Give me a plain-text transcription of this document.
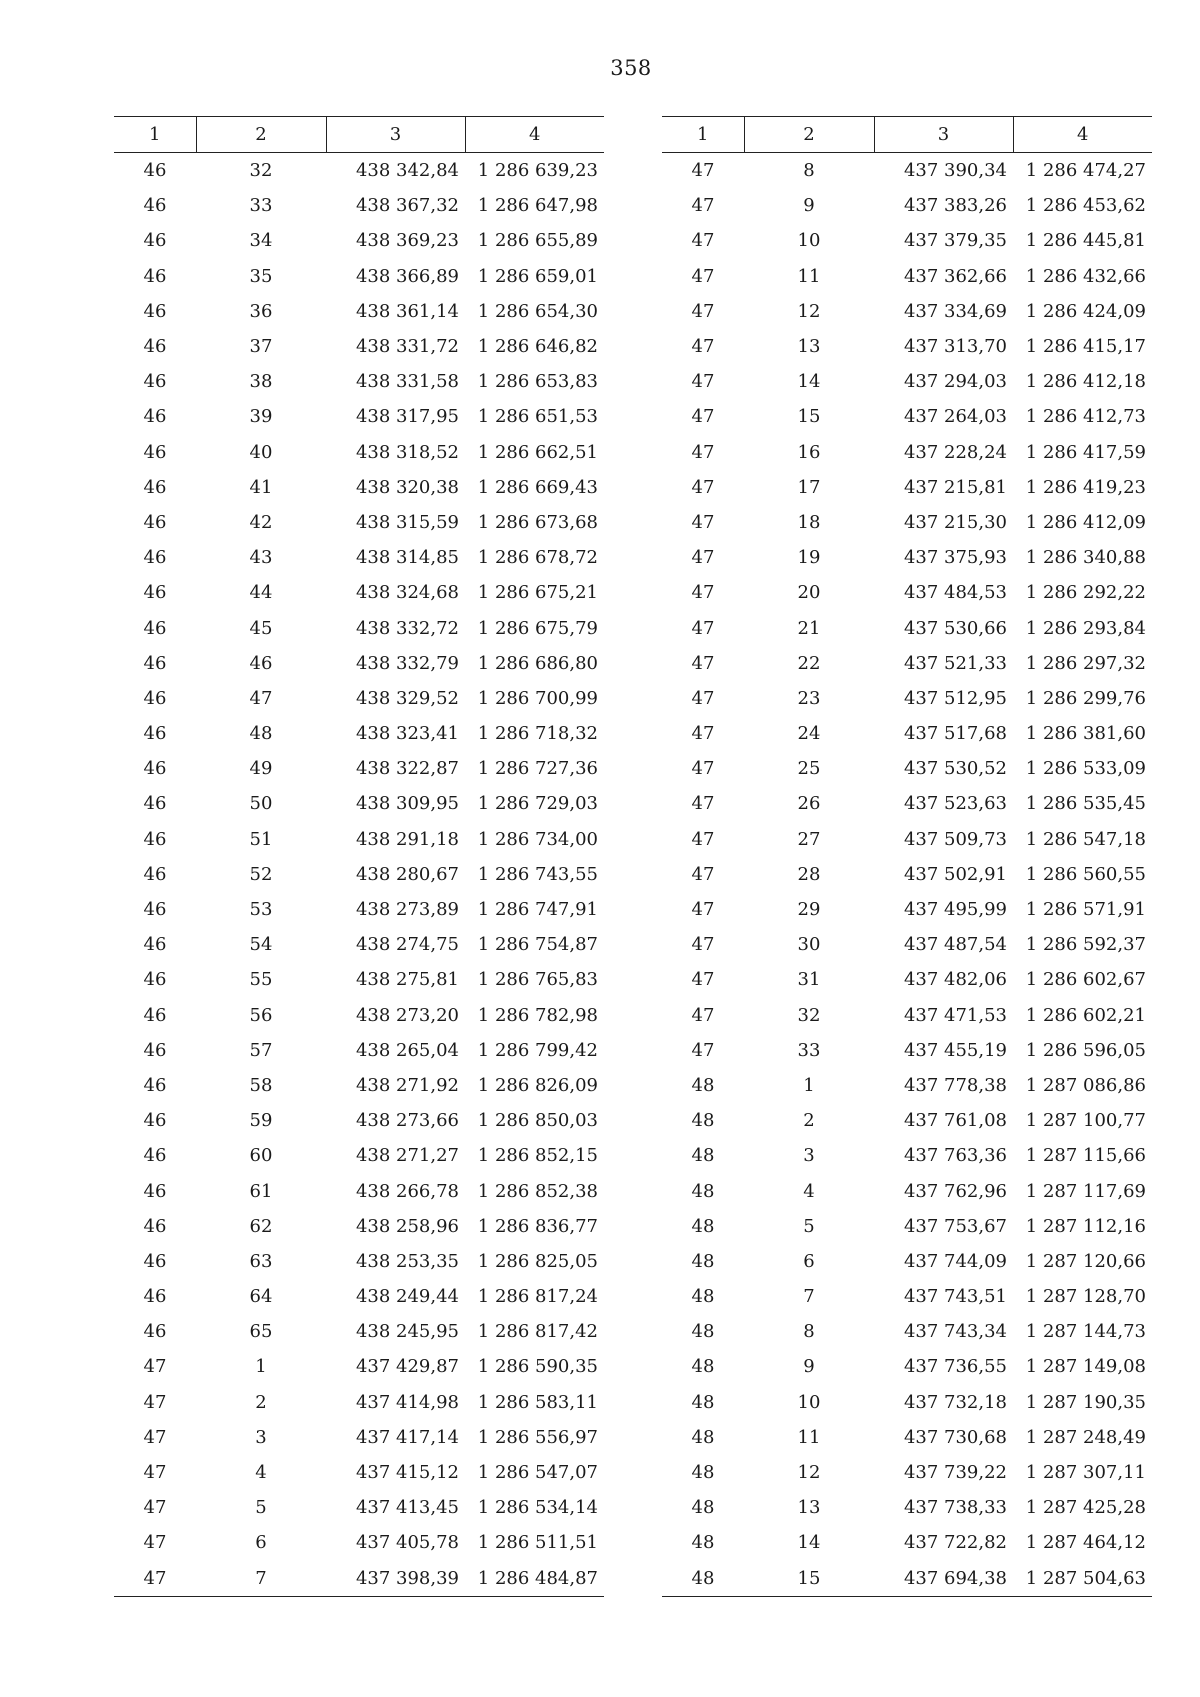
358
1	2	3	4
46	32	438 342,84	1 286 639,23
46	33	438 367,32	1 286 647,98
46	34	438 369,23	1 286 655,89
46	35	438 366,89	1 286 659,01
46	36	438 361,14	1 286 654,30
46	37	438 331,72	1 286 646,82
46	38	438 331,58	1 286 653,83
46	39	438 317,95	1 286 651,53
46	40	438 318,52	1 286 662,51
46	41	438 320,38	1 286 669,43
46	42	438 315,59	1 286 673,68
46	43	438 314,85	1 286 678,72
46	44	438 324,68	1 286 675,21
46	45	438 332,72	1 286 675,79
46	46	438 332,79	1 286 686,80
46	47	438 329,52	1 286 700,99
46	48	438 323,41	1 286 718,32
46	49	438 322,87	1 286 727,36
46	50	438 309,95	1 286 729,03
46	51	438 291,18	1 286 734,00
46	52	438 280,67	1 286 743,55
46	53	438 273,89	1 286 747,91
46	54	438 274,75	1 286 754,87
46	55	438 275,81	1 286 765,83
46	56	438 273,20	1 286 782,98
46	57	438 265,04	1 286 799,42
46	58	438 271,92	1 286 826,09
46	59	438 273,66	1 286 850,03
46	60	438 271,27	1 286 852,15
46	61	438 266,78	1 286 852,38
46	62	438 258,96	1 286 836,77
46	63	438 253,35	1 286 825,05
46	64	438 249,44	1 286 817,24
46	65	438 245,95	1 286 817,42
47	1	437 429,87	1 286 590,35
47	2	437 414,98	1 286 583,11
47	3	437 417,14	1 286 556,97
47	4	437 415,12	1 286 547,07
47	5	437 413,45	1 286 534,14
47	6	437 405,78	1 286 511,51
47	7	437 398,39	1 286 484,87
1	2	3	4
47	8	437 390,34	1 286 474,27
47	9	437 383,26	1 286 453,62
47	10	437 379,35	1 286 445,81
47	11	437 362,66	1 286 432,66
47	12	437 334,69	1 286 424,09
47	13	437 313,70	1 286 415,17
47	14	437 294,03	1 286 412,18
47	15	437 264,03	1 286 412,73
47	16	437 228,24	1 286 417,59
47	17	437 215,81	1 286 419,23
47	18	437 215,30	1 286 412,09
47	19	437 375,93	1 286 340,88
47	20	437 484,53	1 286 292,22
47	21	437 530,66	1 286 293,84
47	22	437 521,33	1 286 297,32
47	23	437 512,95	1 286 299,76
47	24	437 517,68	1 286 381,60
47	25	437 530,52	1 286 533,09
47	26	437 523,63	1 286 535,45
47	27	437 509,73	1 286 547,18
47	28	437 502,91	1 286 560,55
47	29	437 495,99	1 286 571,91
47	30	437 487,54	1 286 592,37
47	31	437 482,06	1 286 602,67
47	32	437 471,53	1 286 602,21
47	33	437 455,19	1 286 596,05
48	1	437 778,38	1 287 086,86
48	2	437 761,08	1 287 100,77
48	3	437 763,36	1 287 115,66
48	4	437 762,96	1 287 117,69
48	5	437 753,67	1 287 112,16
48	6	437 744,09	1 287 120,66
48	7	437 743,51	1 287 128,70
48	8	437 743,34	1 287 144,73
48	9	437 736,55	1 287 149,08
48	10	437 732,18	1 287 190,35
48	11	437 730,68	1 287 248,49
48	12	437 739,22	1 287 307,11
48	13	437 738,33	1 287 425,28
48	14	437 722,82	1 287 464,12
48	15	437 694,38	1 287 504,63
